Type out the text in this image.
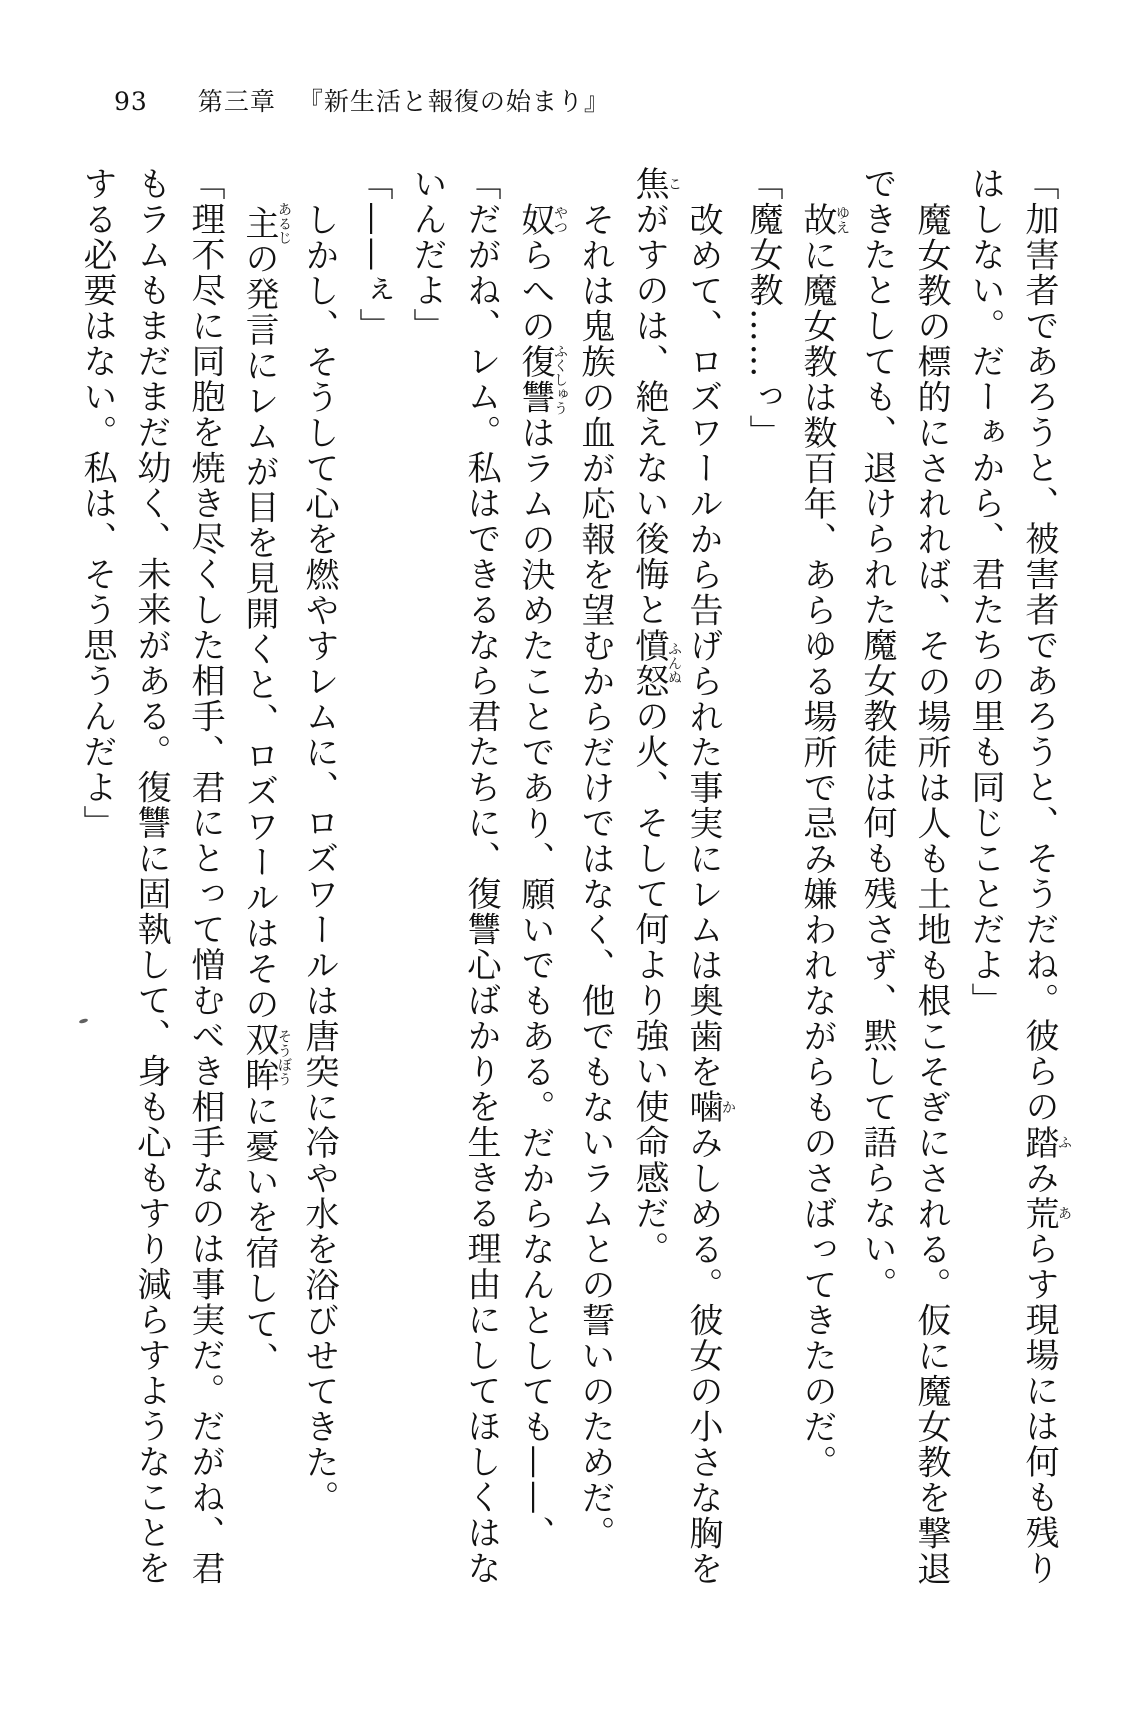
93 第三章 『新生活と報復の始まり』

「加害者であろうと、被害者であろうと、そうだね。彼らの踏ふみ荒あらす現場には何も残りはしない。だーぁから、君たちの里も同じことだよ」

魔女教の標的にされれば、その場所は人も土地も根こそぎにされる。仮に魔女教を撃退できたとしても、退けられた魔女教徒は何も残さず、黙して語らない。

故ゆえに魔女教は数百年、あらゆる場所で忌み嫌われながらものさばってきたのだ。

「魔女教……っ」

改めて、ロズワールから告げられた事実にレムは奥歯を噛かみしめる。彼女の小さな胸を焦こがすのは、絶えない後悔と憤怒ふんぬの火、そして何より強い使命感だ。

それは鬼族の血が応報を望むからだけではなく、他でもないラムとの誓いのためだ。

奴やつらへの復讐ふくしゅうはラムの決めたことであり、願いでもある。だからなんとしても——、

「だがね、レム。私はできるなら君たちに、復讐心ばかりを生きる理由にしてほしくはないんだよ」

「——ぇ」

しかし、そうして心を燃やすレムに、ロズワールは唐突に冷や水を浴びせてきた。

主あるじの発言にレムが目を見開くと、ロズワールはその双眸そうぼうに憂いを宿して、

「理不尽に同胞を焼き尽くした相手、君にとって憎むべき相手なのは事実だ。だがね、君もラムもまだまだ幼く、未来がある。復讐に固執して、身も心もすり減らすようなことをする必要はない。私は、そう思うんだよ」
